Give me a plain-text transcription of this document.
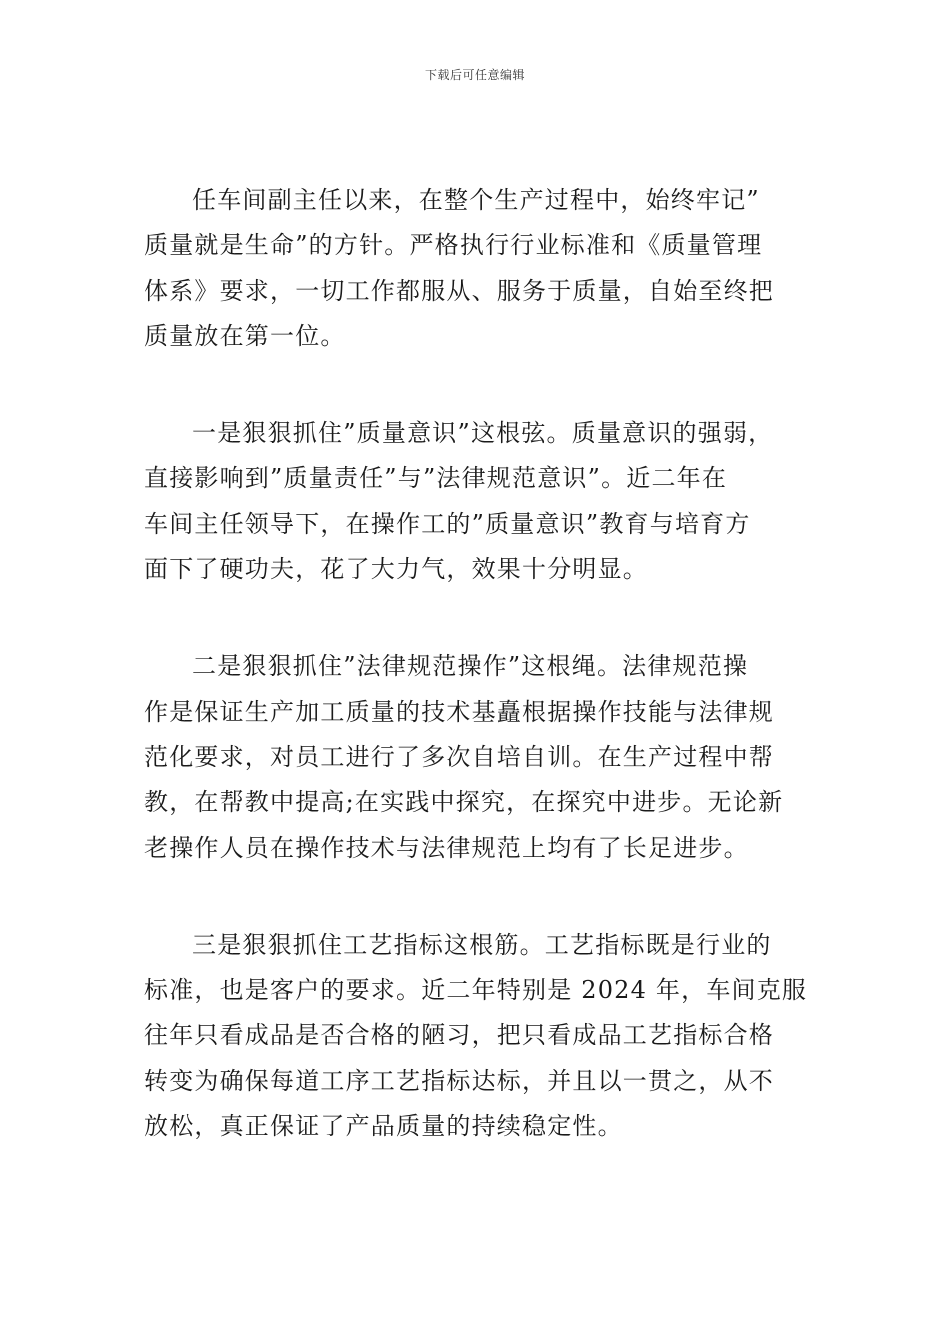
下载后可任意编辑

任车间副主任以来，在整个生产过程中，始终牢记”
质量就是生命”的方针。严格执行行业标准和《质量管理
体系》要求，一切工作都服从、服务于质量，自始至终把
质量放在第一位。

一是狠狠抓住”质量意识”这根弦。质量意识的强弱，
直接影响到”质量责任”与”法律规范意识”。近二年在
车间主任领导下，在操作工的”质量意识”教育与培育方
面下了硬功夫，花了大力气，效果十分明显。

二是狠狠抓住”法律规范操作”这根绳。法律规范操
作是保证生产加工质量的技术基矗根据操作技能与法律规
范化要求，对员工进行了多次自培自训。在生产过程中帮
教，在帮教中提高;在实践中探究，在探究中进步。无论新
老操作人员在操作技术与法律规范上均有了长足进步。

三是狠狠抓住工艺指标这根筋。工艺指标既是行业的
标准，也是客户的要求。近二年特别是 2024 年，车间克服
往年只看成品是否合格的陋习，把只看成品工艺指标合格
转变为确保每道工序工艺指标达标，并且以一贯之，从不
放松，真正保证了产品质量的持续稳定性。
